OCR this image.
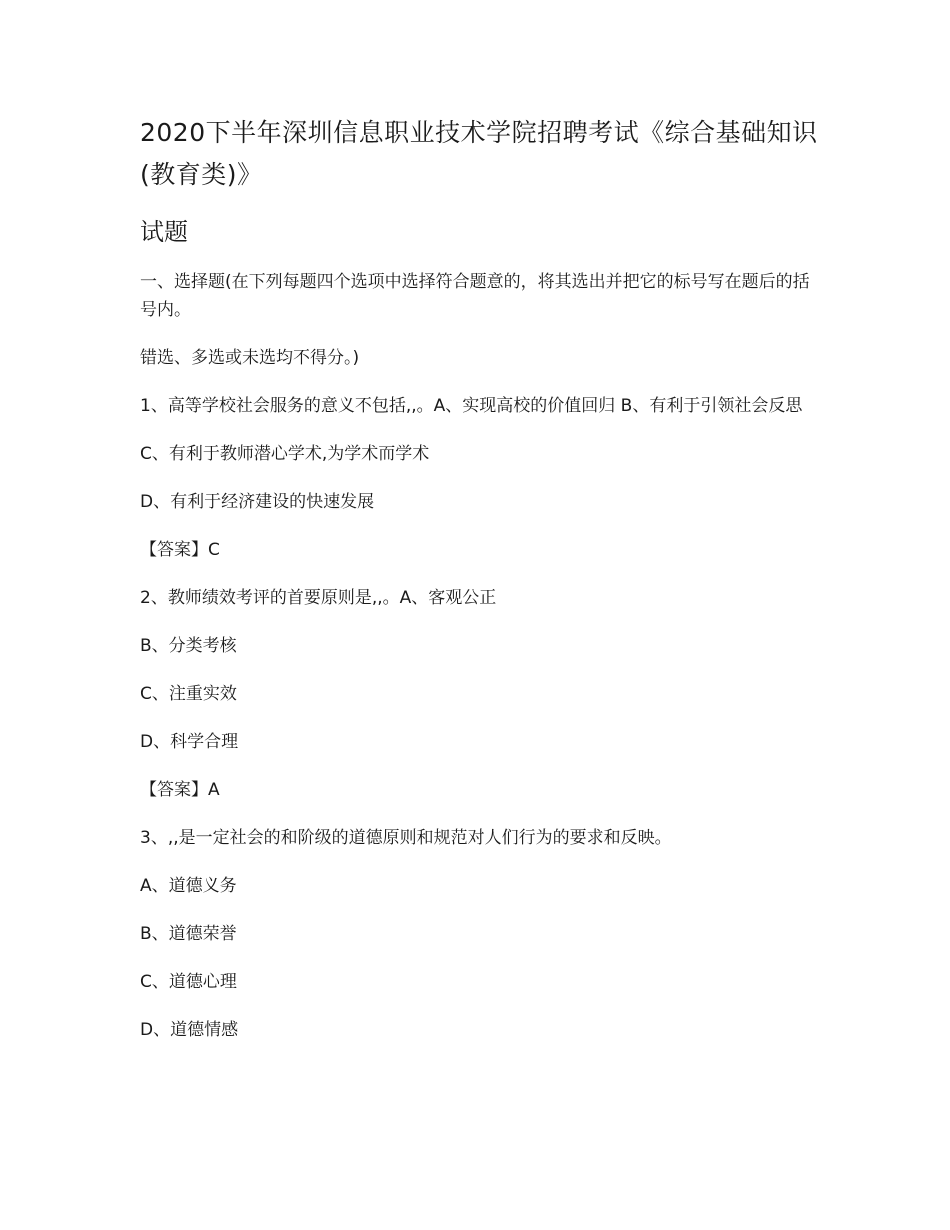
2020下半年深圳信息职业技术学院招聘考试《综合基础知识(教育类)》
试题

一、选择题(在下列每题四个选项中选择符合题意的，将其选出并把它的标号写在题后的括号内。

错选、多选或未选均不得分。)

1、高等学校社会服务的意义不包括,,。A、实现高校的价值回归 B、有利于引领社会反思

C、有利于教师潜心学术,为学术而学术

D、有利于经济建设的快速发展

【答案】C

2、教师绩效考评的首要原则是,,。A、客观公正

B、分类考核

C、注重实效

D、科学合理

【答案】A

3、,,是一定社会的和阶级的道德原则和规范对人们行为的要求和反映。

A、道德义务

B、道德荣誉

C、道德心理

D、道德情感
